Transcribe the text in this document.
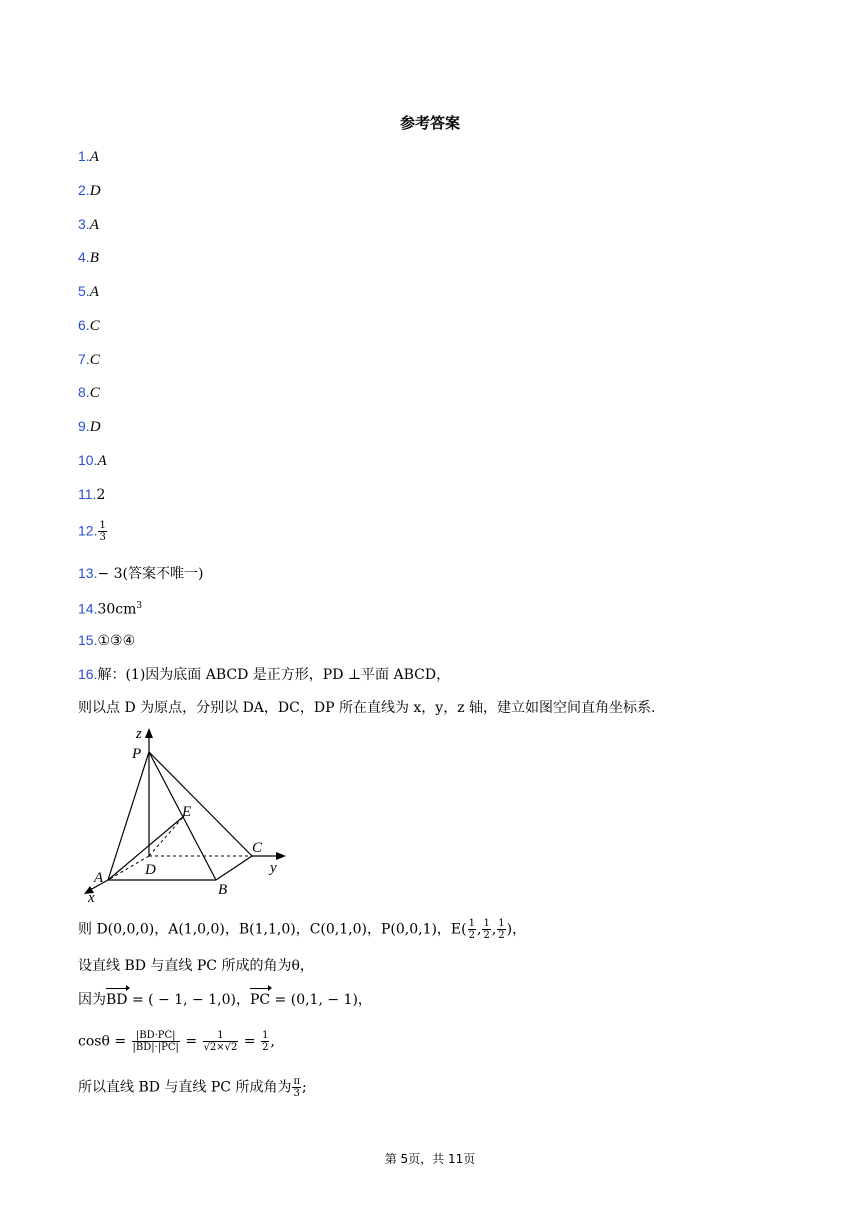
参考答案
1.A
2.D
3.A
4.B
5.A
6.C
7.C
8.C
9.D
10.A
11.2
12. $\frac{1}{3}$
13.− 3(答案不唯一)
$14.30cm^3$
15.①③④
16.解：(1)因为底面 ABCD 是正方形，PD ⊥平面 ABCD，
则以点 D 为原点，分别以 DA，DC，DP 所在直线为 x，y，z 轴，建立如图空间直角坐标系.
z
P
E
C
y
D
A
B
x
则 D(0,0,0)，A(1,0,0)，B(1,1,0)，C(0,1,0)，P(0,0,1)，$E( \frac{1}{2}$ , $\frac{1}{2}$ , $\frac{1}{2}$ )，
设直线 BD 与直线 PC 所成的角为θ，
因为BD = ( − 1, − 1,0)，PC = (0,1, − 1)，
$\cos\theta = \frac{|BD\cdot PC|}{|BD|\cdot|PC|} = \frac{1}{√2\times√2} = \frac{1}{2}$ ,
所以直线 BD 与直线 PC 所成角为 $\frac{\pi}{3}$ ;
第 5页，共 11页
